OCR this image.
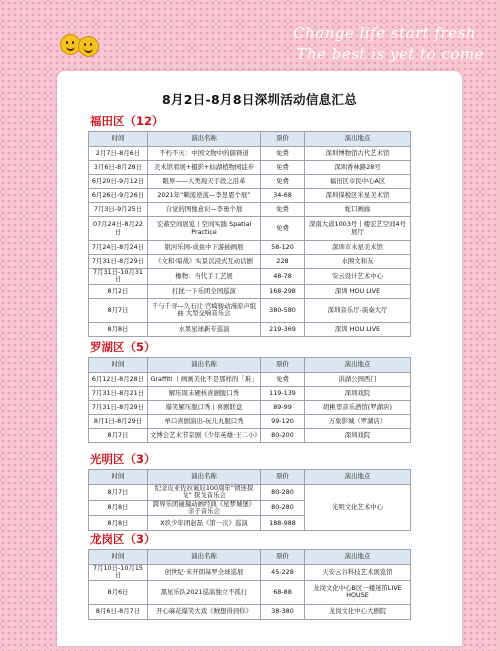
Change life start fresh
The best is yet to come
8月2日-8月8日深圳活动信息汇总
福田区（12）
时间	演出名称	票价	演出地点
2月7日-8月6日	不朽不灭：中国文物中的儒释道	免费	深圳博物馆古代艺术馆
3月6日-8月28日	美术馆看展+摄影+仙湖植物园徒步	免费	深圳香林路28号
6月20日-9月12日	眼界——人类现天手段之沿革	免费	福田区市民中心A区
6月26日-9月26日	2021年“顺流逆流—李昱恩个展”	34-68	深圳保税区米星美术馆
7月3日-9月25日	自觉的图像意识—李勇个展	免费	蛇口画廊
07月24日-8月22日	宏蓄空间展览丨空间实践 Spatial Practice	免费	深南大道1003号丨楼宏艺空间4号展厅
7月24日-8月24日	银河乐园-成鱼中下游插画展	58-120	深圳市木星美术馆
7月31日-8月29日	《文和·暗战》实景沉浸式互动话剧	228	水围文和友
7月31日-10月31日	橡物：当代手工艺展	48-78	安云设计艺术中心
8月2日	打扰一下乐团全国巡演	168-298	深圳 HOU LIVE
8月7日	千与千寻—久石让·宫崎骏动漫原声组曲 大型交响音乐会	380-580	深圳音乐厅-演奏大厅
8月8日	水果星球新专巡演	219-369	深圳 HOU LIVE
罗湖区（5）
时间	演出名称	票价	演出地点
6月12日-8月28日	Graffiti 丨画画美化不是那样的「难」	免费	洪湖公园西门
7月31日-8月21日	解压周末硬核喜剧脱口秀	119-139	深圳戏院
7月31日-8月29日	爆笑解压脱口秀丨喜剧联盘	89-99	胡桃里音乐酒馆(罗湖店)
8月1日-8月29日	单口喜剧演出-玩儿丸脱口秀	99-120	万象影城（罗湖店）
8月7日	文博会艺术节京剧《少年英雄·王二小》	80-200	深圳戏院
光明区（3）
时间	演出名称	票价	演出地点
8月7日	纪念皮亚佐拉诞辰100周年“情迷探戈” 探戈音乐会	80-280	光明文化艺术中心
8月8日	跨界乐团碰撞动画经典《星梦城堡》亲子音乐会	80-280	
8月8日	X玖少年团赵磊《第一次》巡演	188-988	
龙岗区（3）
时间	演出名称	票价	演出地点
7月10日-10月15日	创世纪·米开朗基罗全球巡展	45-228	天安云谷科技艺术展览馆
8月6日	黑星乐队2021巡演独立不孤行	68-88	龙岗文化中心B区一楼迷笛LIVE HOUSE
8月6日-8月7日	开心麻花爆笑大戏《贼想得到你》	38-380	龙岗文化中心大剧院
